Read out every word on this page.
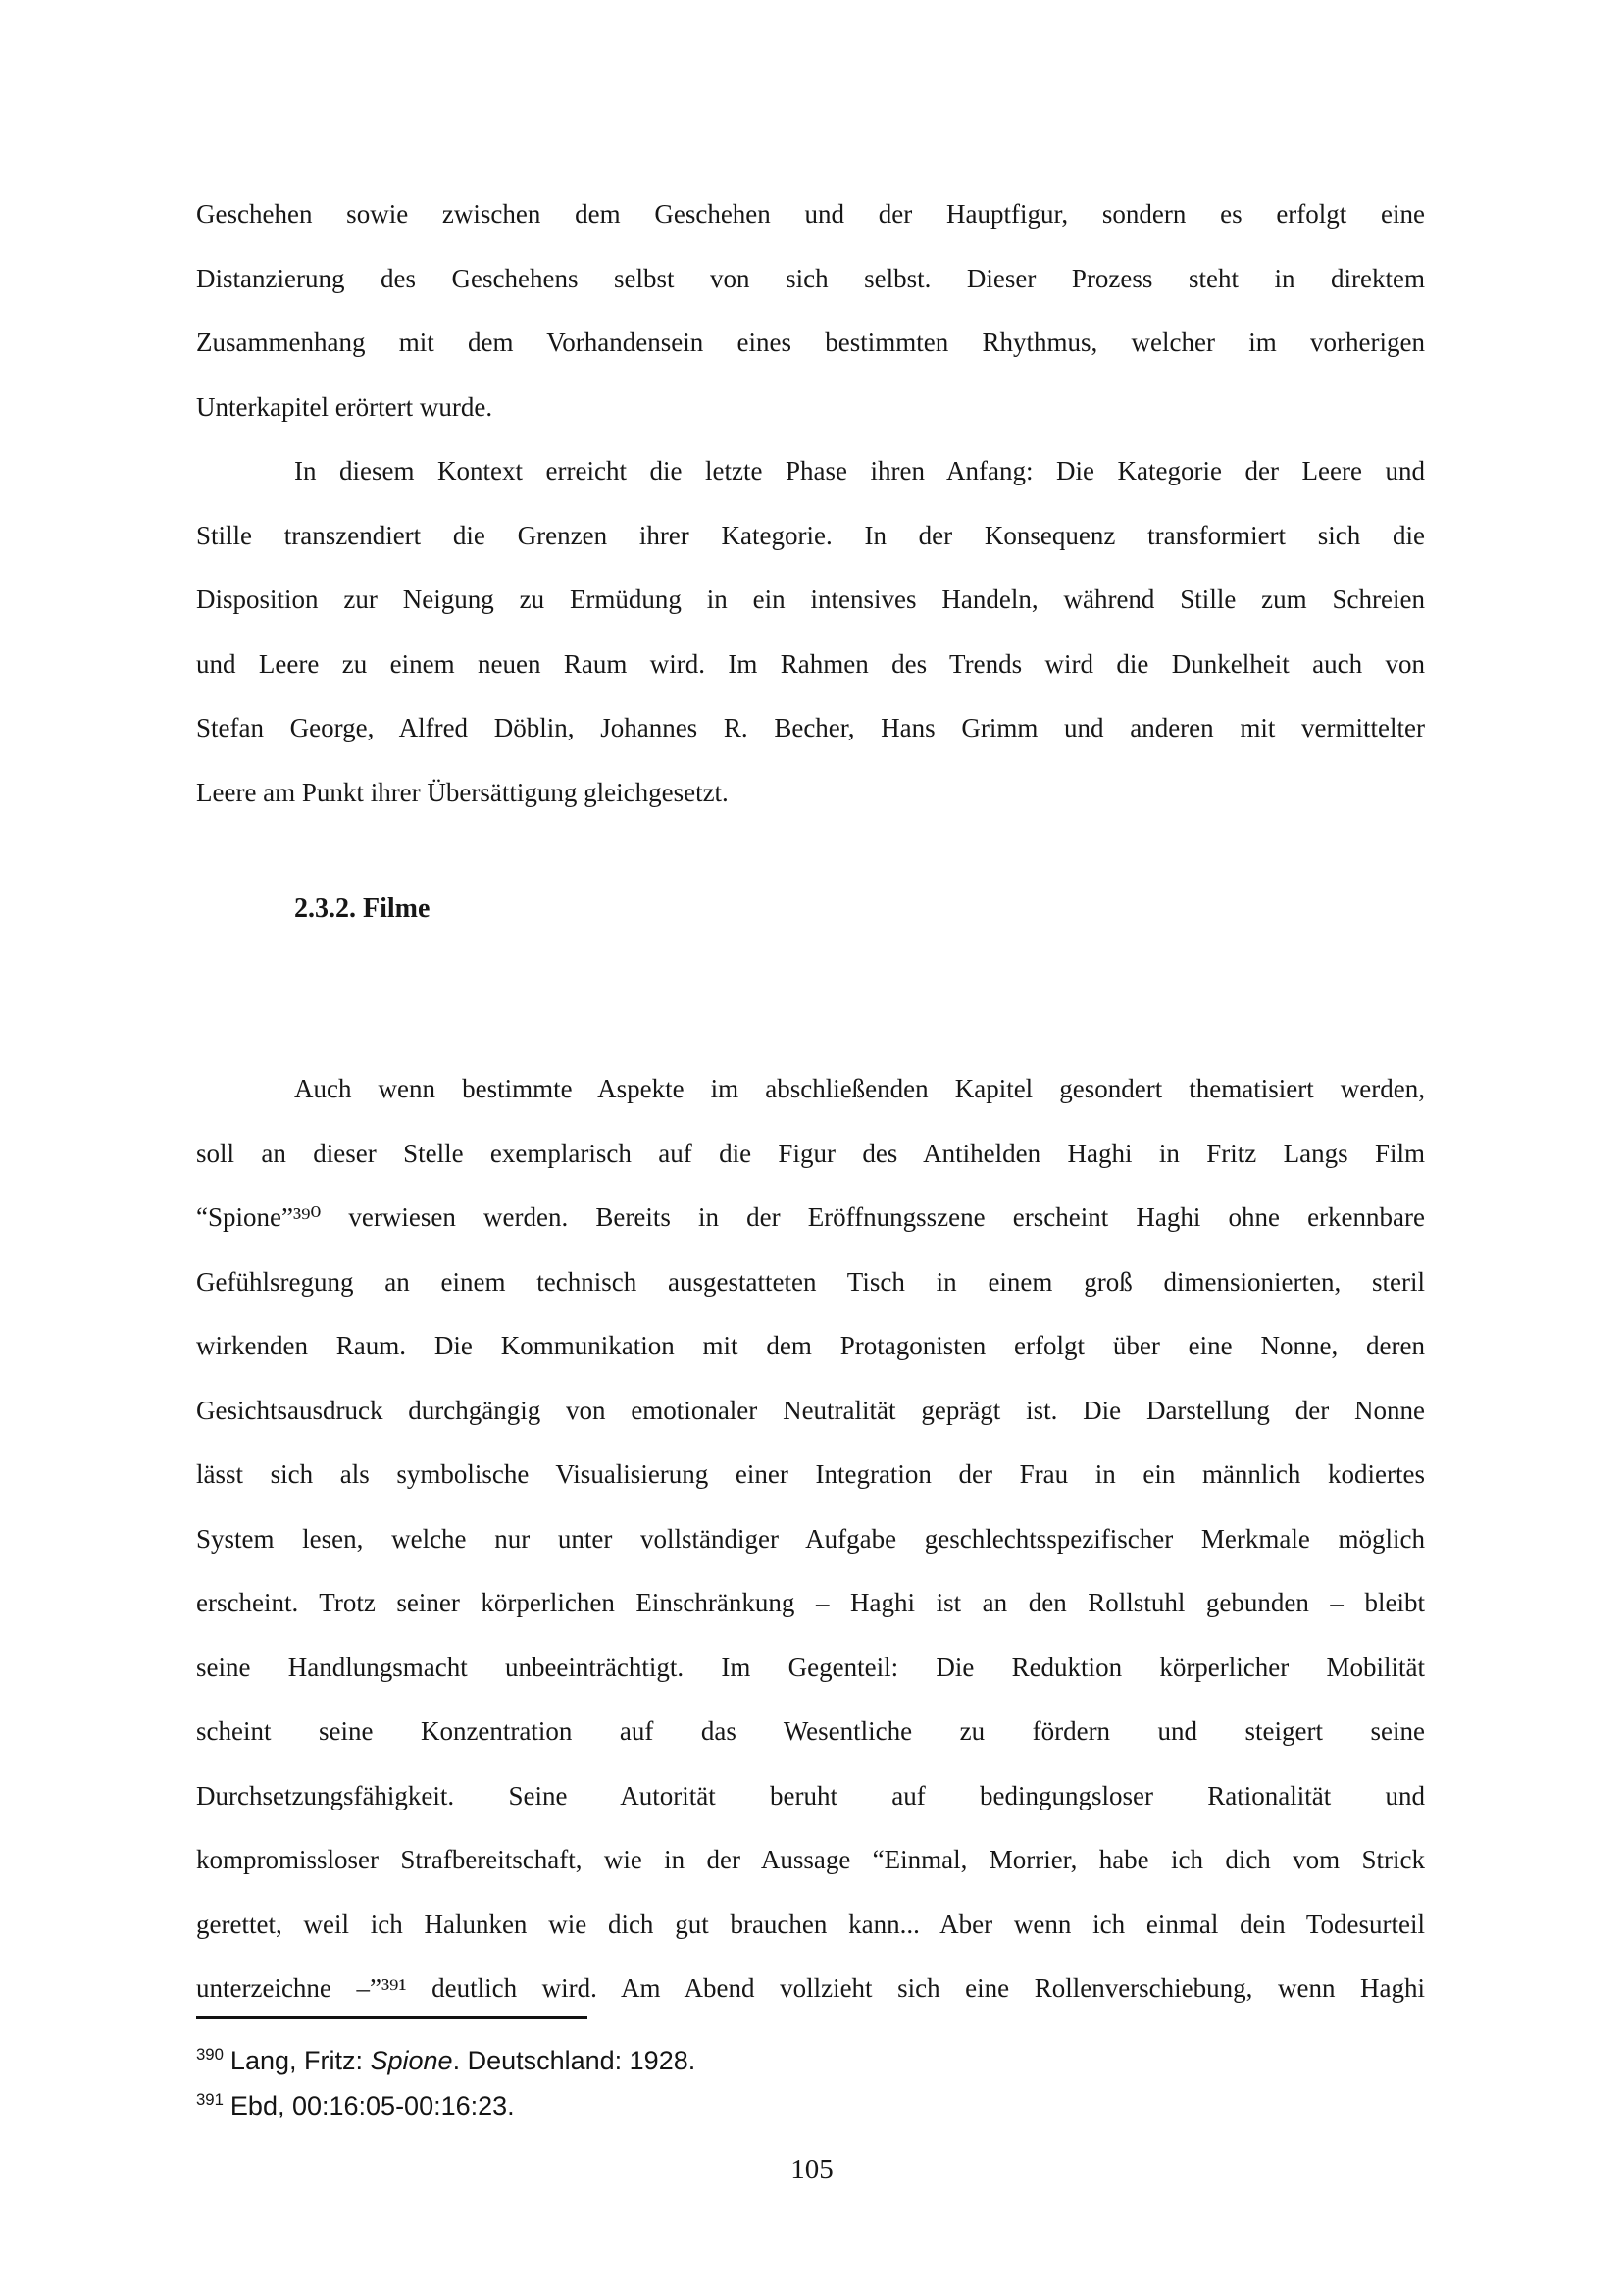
Geschehen sowie zwischen dem Geschehen und der Hauptfigur, sondern es erfolgt eine
Distanzierung des Geschehens selbst von sich selbst. Dieser Prozess steht in direktem
Zusammenhang mit dem Vorhandensein eines bestimmten Rhythmus, welcher im vorherigen
Unterkapitel erörtert wurde.
In diesem Kontext erreicht die letzte Phase ihren Anfang: Die Kategorie der Leere und
Stille transzendiert die Grenzen ihrer Kategorie. In der Konsequenz transformiert sich die
Disposition zur Neigung zu Ermüdung in ein intensives Handeln, während Stille zum Schreien
und Leere zu einem neuen Raum wird. Im Rahmen des Trends wird die Dunkelheit auch von
Stefan George, Alfred Döblin, Johannes R. Becher, Hans Grimm und anderen mit vermittelter
Leere am Punkt ihrer Übersättigung gleichgesetzt.
2.3.2. Filme
Auch wenn bestimmte Aspekte im abschließenden Kapitel gesondert thematisiert werden,
soll an dieser Stelle exemplarisch auf die Figur des Antihelden Haghi in Fritz Langs Film
“Spione”³⁹⁰ verwiesen werden. Bereits in der Eröffnungsszene erscheint Haghi ohne erkennbare
Gefühlsregung an einem technisch ausgestatteten Tisch in einem groß dimensionierten, steril
wirkenden Raum. Die Kommunikation mit dem Protagonisten erfolgt über eine Nonne, deren
Gesichtsausdruck durchgängig von emotionaler Neutralität geprägt ist. Die Darstellung der Nonne
lässt sich als symbolische Visualisierung einer Integration der Frau in ein männlich kodiertes
System lesen, welche nur unter vollständiger Aufgabe geschlechtsspezifischer Merkmale möglich
erscheint. Trotz seiner körperlichen Einschränkung – Haghi ist an den Rollstuhl gebunden – bleibt
seine Handlungsmacht unbeeinträchtigt. Im Gegenteil: Die Reduktion körperlicher Mobilität
scheint seine Konzentration auf das Wesentliche zu fördern und steigert seine
Durchsetzungsfähigkeit. Seine Autorität beruht auf bedingungsloser Rationalität und
kompromissloser Strafbereitschaft, wie in der Aussage “Einmal, Morrier, habe ich dich vom Strick
gerettet, weil ich Halunken wie dich gut brauchen kann... Aber wenn ich einmal dein Todesurteil
unterzeichne –”³⁹¹ deutlich wird. Am Abend vollzieht sich eine Rollenverschiebung, wenn Haghi
$^{390}$ Lang, Fritz: Spione. Deutschland: 1928.
$^{391}$ Ebd, 00:16:05-00:16:23.
105
